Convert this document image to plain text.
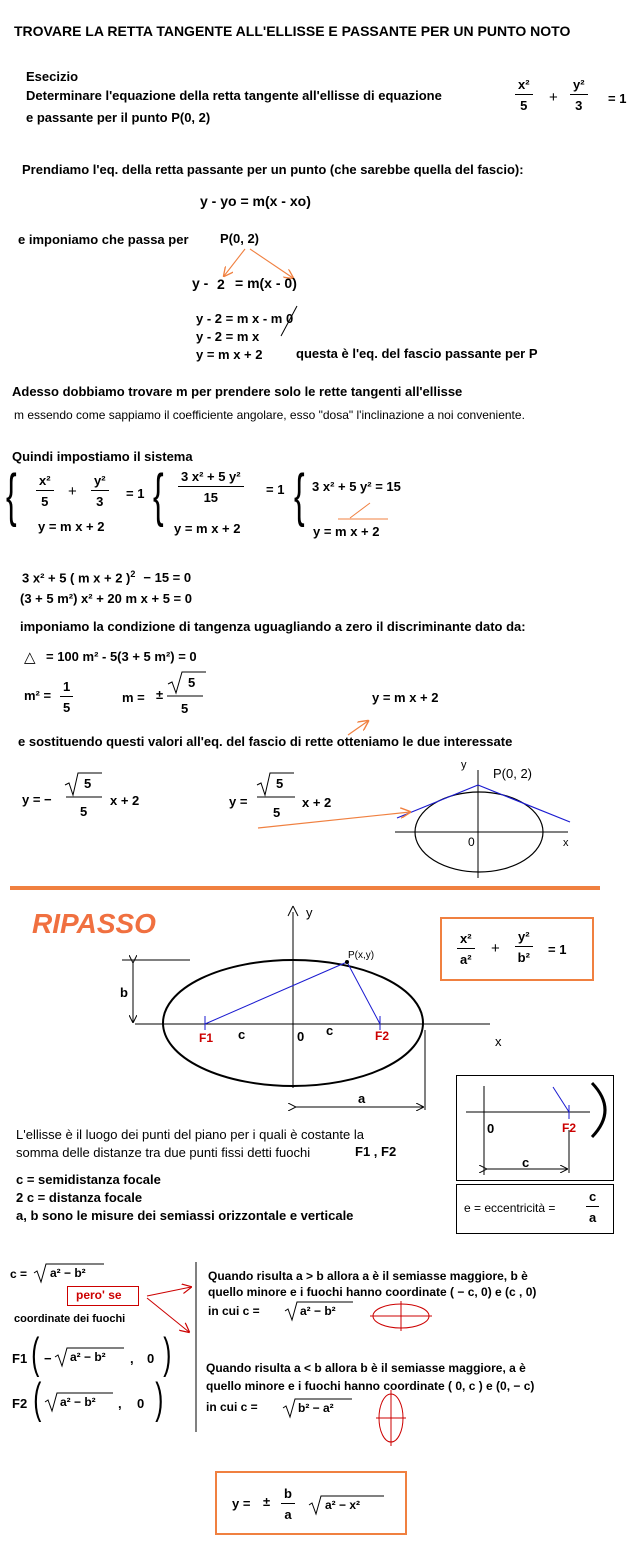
TROVARE LA RETTA TANGENTE ALL'ELLISSE E PASSANTE PER UN PUNTO NOTO
Esecizio
Determinare l'equazione della retta tangente all'ellisse di equazione
e passante per il punto P(0, 2)
$\frac{\text{x²}}{5} + \frac{\text{y²}}{3} = 1$
Prendiamo l'eq. della retta passante per un punto (che sarebbe quella del fascio):
y - yo = m(x - xo)
e imponiamo che passa per P(0, 2)
y - 2 = m(x - 0)
y - 2 = m x - m 0
y - 2 = m x
y = m x + 2	questa è l'eq. del fascio passante per P
Adesso dobbiamo trovare m per prendere solo le rette tangenti all'ellisse
m essendo come sappiamo il coefficiente angolare, esso "dosa" l'inclinazione a noi conveniente.
Quindi impostiamo il sistema
{ $\frac{\text{x²}}{5} + \frac{\text{y²}}{3} = 1$
y = m x + 2 { $\frac{\text{3 x² + 5 y²}}{15} = 1$
y = m x + 2
{ 3 x² + 5 y² = 15
y = m x + 2
3 x² + 5 ( m x + 2 )$^2$ − 15 = 0
(3 + 5 m²) x² + 20 m x + 5 = 0
imponiamo la condizione di tangenza uguagliando a zero il discriminante dato da:
△ = 100 m² - 5(3 + 5 m²) = 0
$m^2 = \frac{1}{5}$	m = ±
5
5
y = m x + 2
e sostituendo questi valori all'eq. del fascio di rette otteniamo le due interessate
y = −
5
5
x + 2	y =
5
5
x + 2
y
P(0, 2)
0	x
RIPASSO	y
x
P(x,y)
b
c	c
0
F1	F2
a
$\frac{\text{x²}}{\text{a²}} + \frac{\text{y²}}{\text{b²}} = 1$
L'ellisse è il luogo dei punti del piano per i quali è costante la
somma delle distanze tra due punti fissi detti fuochi	F1 , F2
c = semidistanza focale
2 c = distanza focale
a, b sono le misure dei semiassi orizzontale e verticale
0	F2
c
e = eccentricità = $\frac{c}{a}$
c = a² − b²
pero' se
coordinate dei fuochi
F1 ( − a² − b² , 0 )
F2 ( a² − b² , 0 )
Quando risulta a > b allora a è il semiasse maggiore, b è
quello minore e i fuochi hanno coordinate ( − c, 0) e (c , 0)
in cui c =	a² − b²
Quando risulta a < b allora b è il semiasse maggiore, a è
quello minore e i fuochi hanno coordinate ( 0, c ) e (0, − c)
in cui c =	b² − a²
y = ± $\frac{b}{a}$	a² − x²
